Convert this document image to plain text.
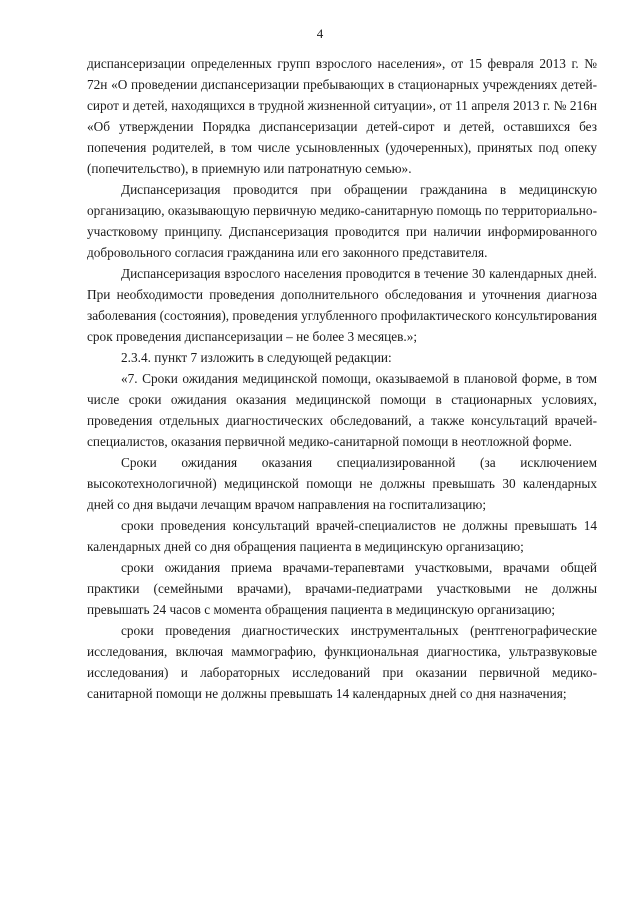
4

диспансеризации определенных групп взрослого населения», от 15 февраля 2013 г. № 72н «О проведении диспансеризации пребывающих в стационарных учреждениях детей-сирот и детей, находящихся в трудной жизненной ситуации», от 11 апреля 2013 г. № 216н «Об утверждении Порядка диспансеризации детей-сирот и детей, оставшихся без попечения родителей, в том числе усыновленных (удочеренных), принятых под опеку (попечительство), в приемную или патронатную семью».

Диспансеризация проводится при обращении гражданина в медицинскую организацию, оказывающую первичную медико-санитарную помощь по территориально-участковому принципу. Диспансеризация проводится при наличии информированного добровольного согласия гражданина или его законного представителя.

Диспансеризация взрослого населения проводится в течение 30 календарных дней. При необходимости проведения дополнительного обследования и уточнения диагноза заболевания (состояния), проведения углубленного профилактического консультирования срок проведения диспансеризации – не более 3 месяцев.»;

2.3.4. пункт 7 изложить в следующей редакции:

«7. Сроки ожидания медицинской помощи, оказываемой в плановой форме, в том числе сроки ожидания оказания медицинской помощи в стационарных условиях, проведения отдельных диагностических обследований, а также консультаций врачей-специалистов, оказания первичной медико-санитарной помощи в неотложной форме.

Сроки ожидания оказания специализированной (за исключением высокотехнологичной) медицинской помощи не должны превышать 30 календарных дней со дня выдачи лечащим врачом направления на госпитализацию;

сроки проведения консультаций врачей-специалистов не должны превышать 14 календарных дней со дня обращения пациента в медицинскую организацию;

сроки ожидания приема врачами-терапевтами участковыми, врачами общей практики (семейными врачами), врачами-педиатрами участковыми не должны превышать 24 часов с момента обращения пациента в медицинскую организацию;

сроки проведения диагностических инструментальных (рентгенографические исследования, включая маммографию, функциональная диагностика, ультразвуковые исследования) и лабораторных исследований при оказании первичной медико-санитарной помощи не должны превышать 14 календарных дней со дня назначения;
